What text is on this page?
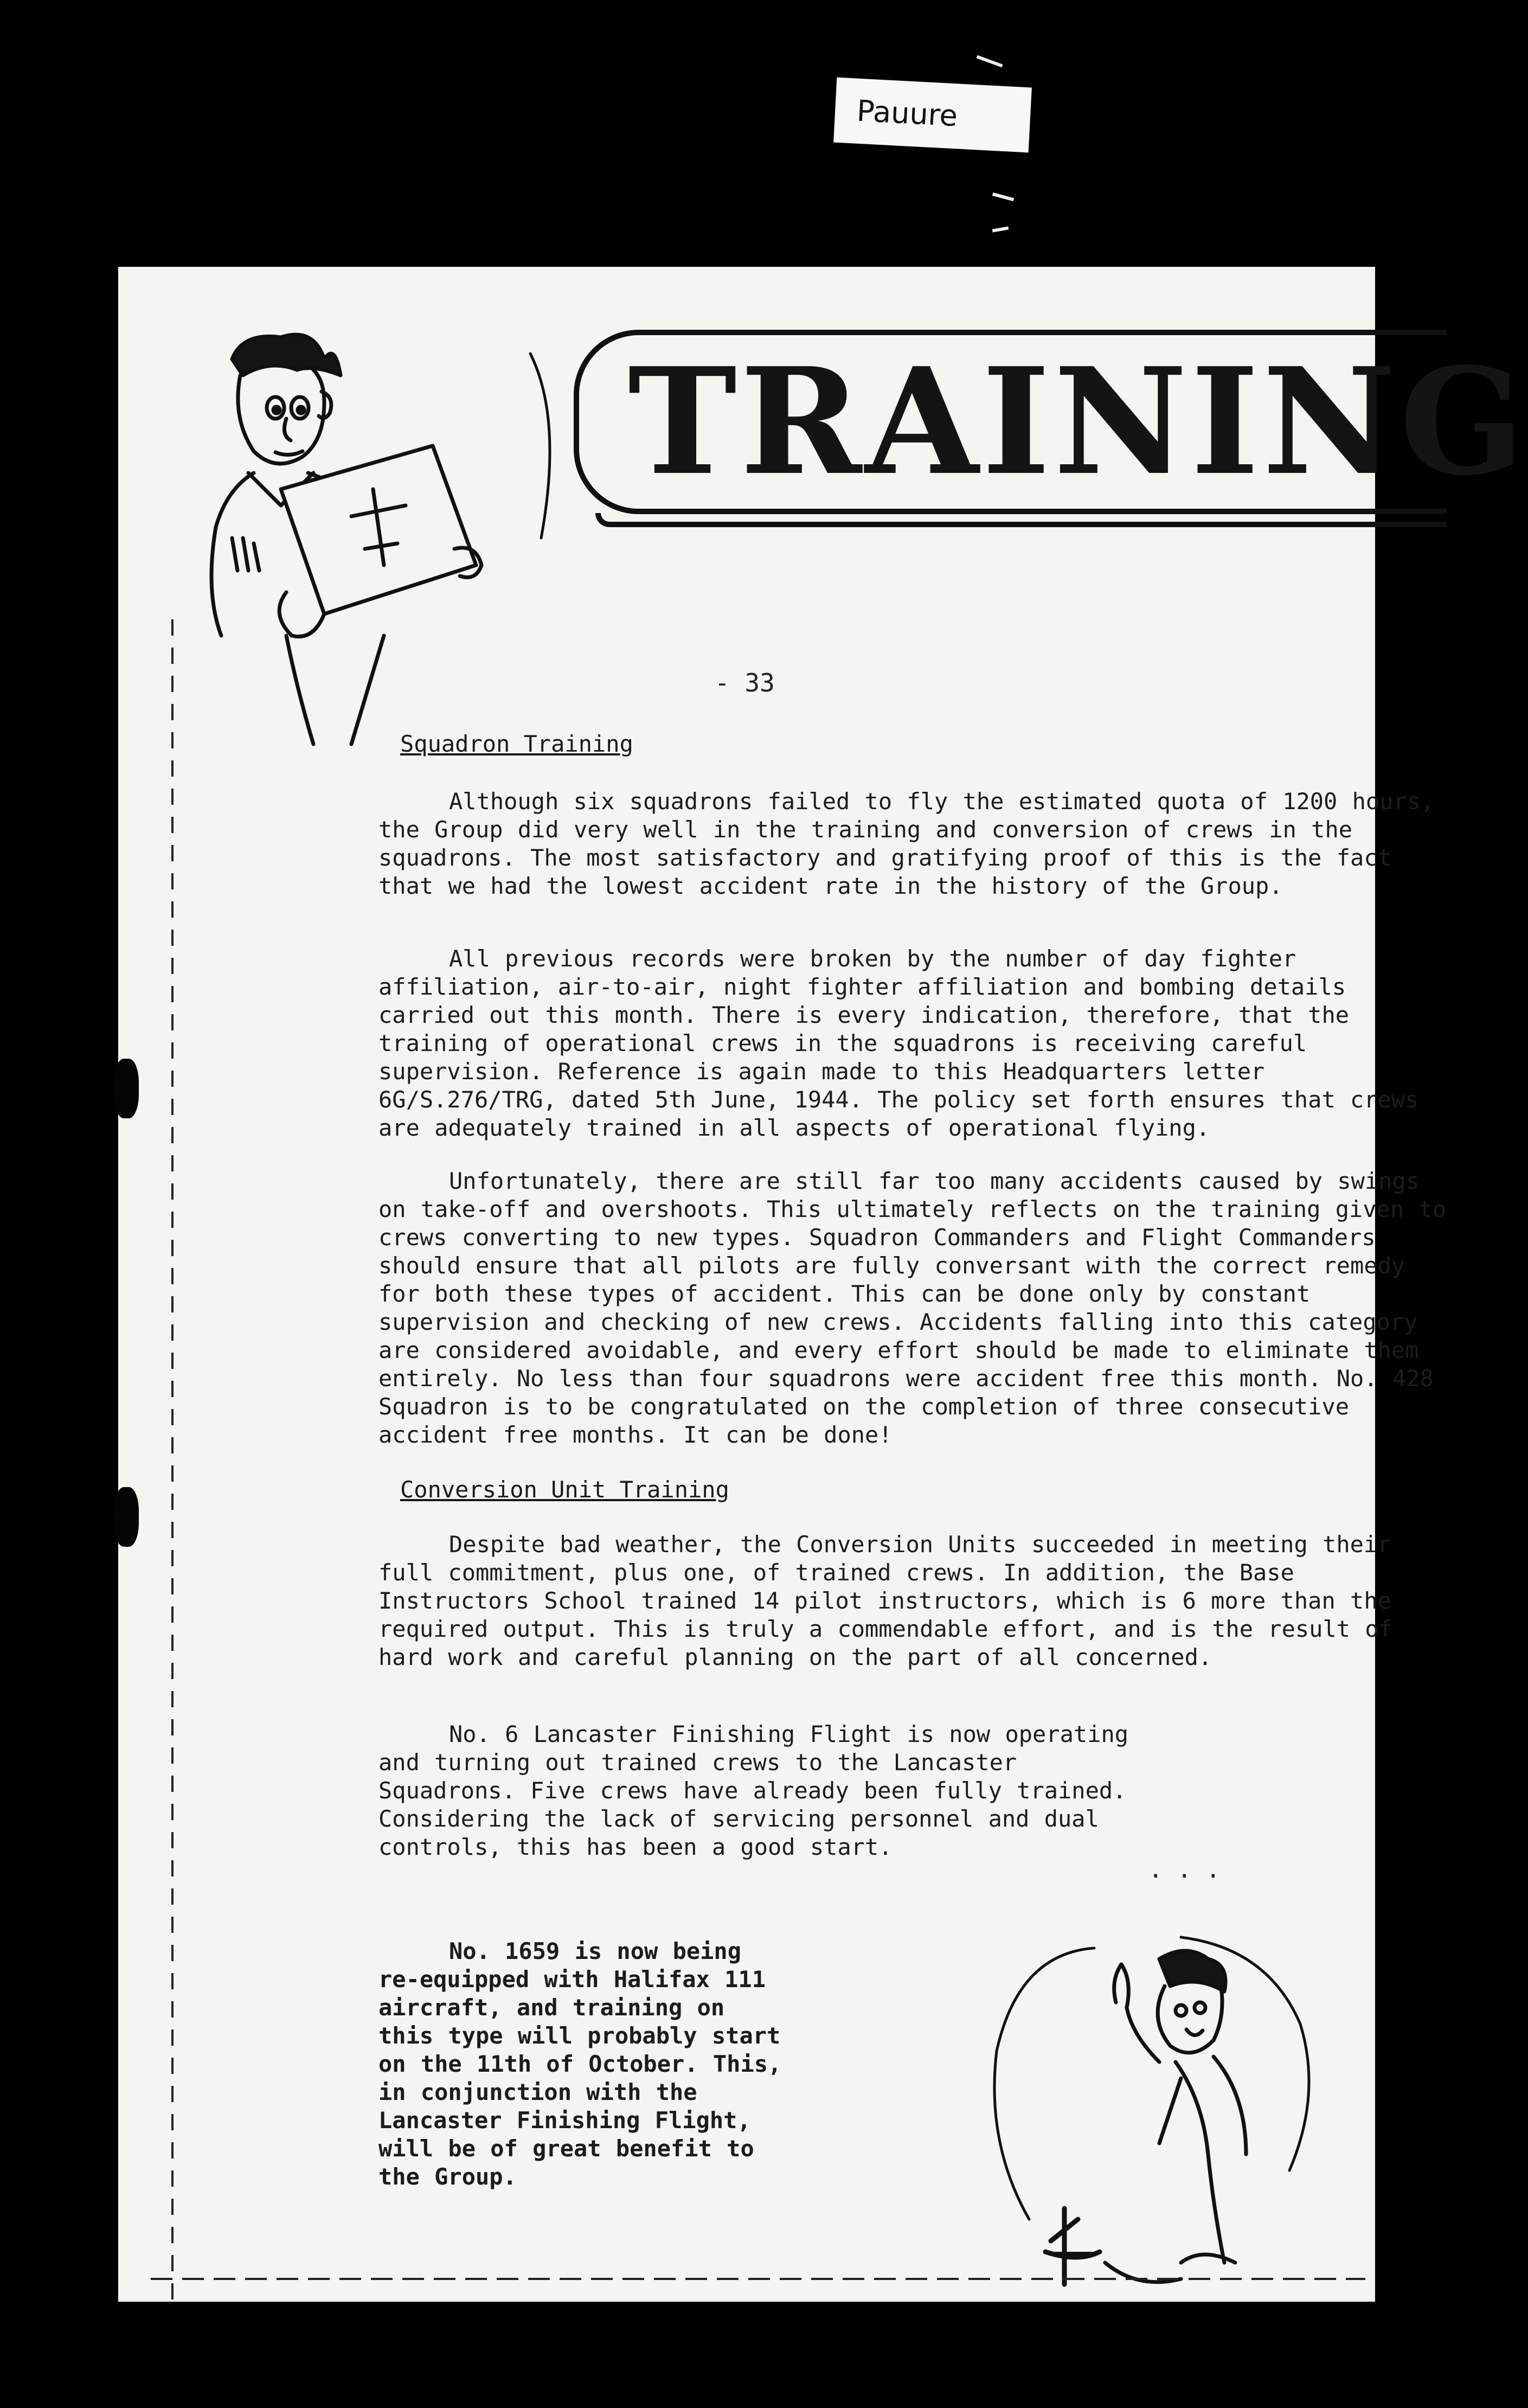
Pauure
TRAINING
- 33
Squadron Training

Although six squadrons failed to fly the estimated quota of 1200 hours, the Group did very well in the training and conversion of crews in the squadrons. The most satisfactory and gratifying proof of this is the fact that we had the lowest accident rate in the history of the Group.

All previous records were broken by the number of day fighter affiliation, air-to-air, night fighter affiliation and bombing details carried out this month. There is every indication, therefore, that the training of operational crews in the squadrons is receiving careful supervision. Reference is again made to this Headquarters letter 6G/S.276/TRG, dated 5th June, 1944. The policy set forth ensures that crews are adequately trained in all aspects of operational flying.

Unfortunately, there are still far too many accidents caused by swings on take-off and overshoots. This ultimately reflects on the training given to crews converting to new types. Squadron Commanders and Flight Commanders should ensure that all pilots are fully conversant with the correct remedy for both these types of accident. This can be done only by constant supervision and checking of new crews. Accidents falling into this category are considered avoidable, and every effort should be made to eliminate them entirely. No less than four squadrons were accident free this month. No. 428 Squadron is to be congratulated on the completion of three consecutive accident free months. It can be done!

Conversion Unit Training

Despite bad weather, the Conversion Units succeeded in meeting their full commitment, plus one, of trained crews. In addition, the Base Instructors School trained 14 pilot instructors, which is 6 more than the required output. This is truly a commendable effort, and is the result of hard work and careful planning on the part of all concerned.

No. 6 Lancaster Finishing Flight is now operating and turning out trained crews to the Lancaster Squadrons. Five crews have already been fully trained. Considering the lack of servicing personnel and dual controls, this has been a good start.

No. 1659 is now being re-equipped with Halifax 111 aircraft, and training on this type will probably start on the 11th of October. This, in conjunction with the Lancaster Finishing Flight, will be of great benefit to the Group.

. . .
